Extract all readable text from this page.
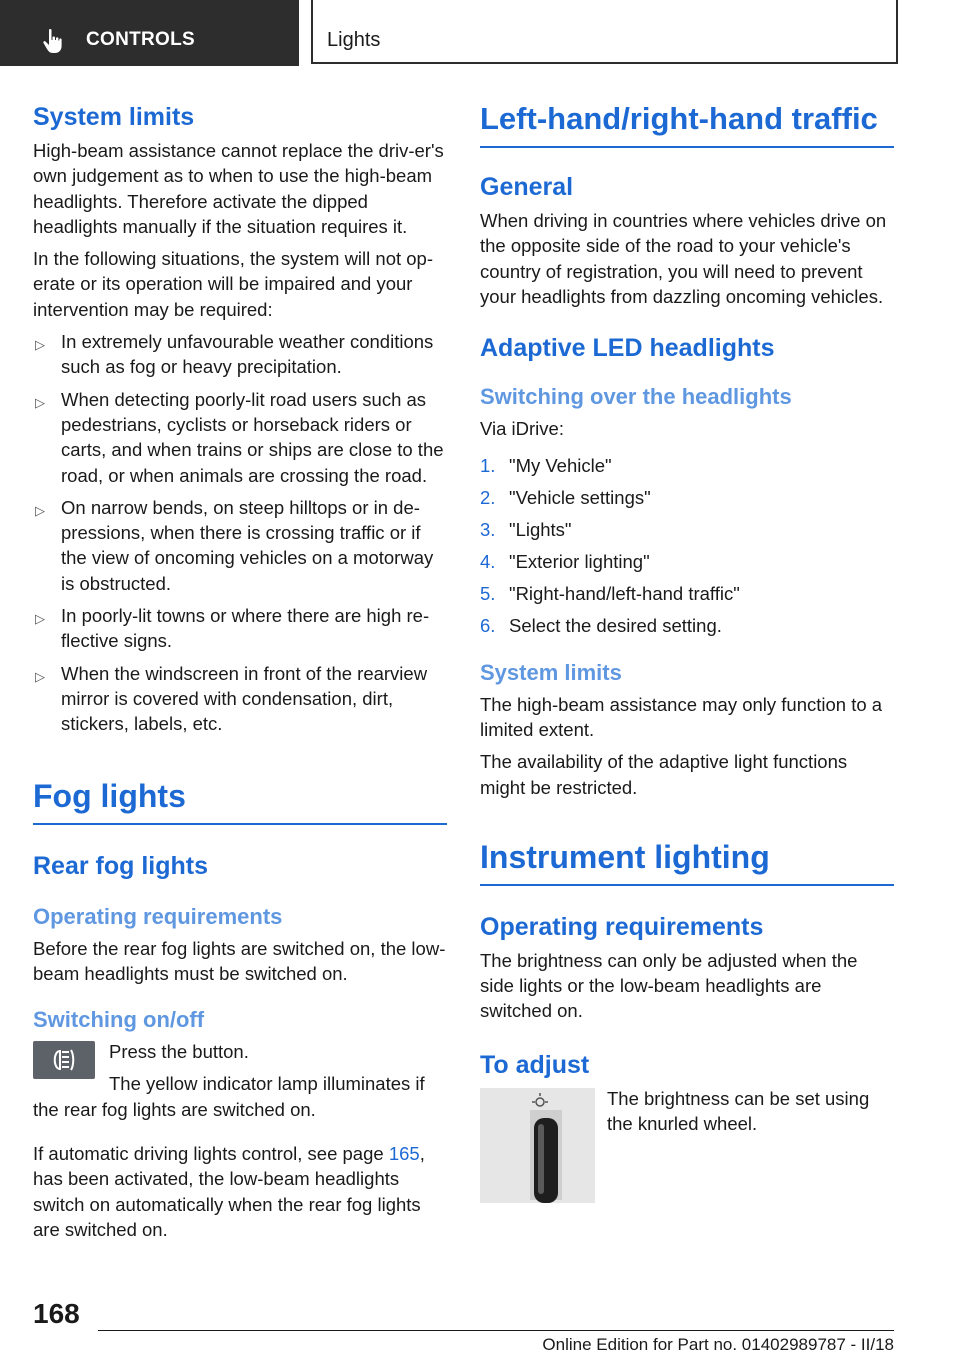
CONTROLS	Lights
System limits

High-beam assistance cannot replace the driv-er's own judgement as to when to use the high-beam headlights. Therefore activate the dipped headlights manually if the situation requires it.

In the following situations, the system will not op-erate or its operation will be impaired and your intervention may be required:

▷ In extremely unfavourable weather conditions such as fog or heavy precipitation.
▷ When detecting poorly-lit road users such as pedestrians, cyclists or horseback riders or carts, and when trains or ships are close to the road, or when animals are crossing the road.
▷ On narrow bends, on steep hilltops or in de-pressions, when there is crossing traffic or if the view of oncoming vehicles on a motorway is obstructed.
▷ In poorly-lit towns or where there are high re-flective signs.
▷ When the windscreen in front of the rearview mirror is covered with condensation, dirt, stickers, labels, etc.
Fog lights
Rear fog lights
Operating requirements

Before the rear fog lights are switched on, the low-beam headlights must be switched on.

Switching on/off

Press the button.

The yellow indicator lamp illuminates if the rear fog lights are switched on.

If automatic driving lights control, see page 165, has been activated, the low-beam headlights switch on automatically when the rear fog lights are switched on.

Left-hand/right-hand traffic
General

When driving in countries where vehicles drive on the opposite side of the road to your vehicle's country of registration, you will need to prevent your headlights from dazzling oncoming vehicles.

Adaptive LED headlights
Switching over the headlights

Via iDrive:

1. "My Vehicle"
2. "Vehicle settings"
3. "Lights"
4. "Exterior lighting"
5. "Right-hand/left-hand traffic"
6. Select the desired setting.
System limits

The high-beam assistance may only function to a limited extent.

The availability of the adaptive light functions might be restricted.

Instrument lighting
Operating requirements

The brightness can only be adjusted when the side lights or the low-beam headlights are switched on.

To adjust

The brightness can be set using the knurled wheel.

168
Online Edition for Part no. 01402989787 - II/18
